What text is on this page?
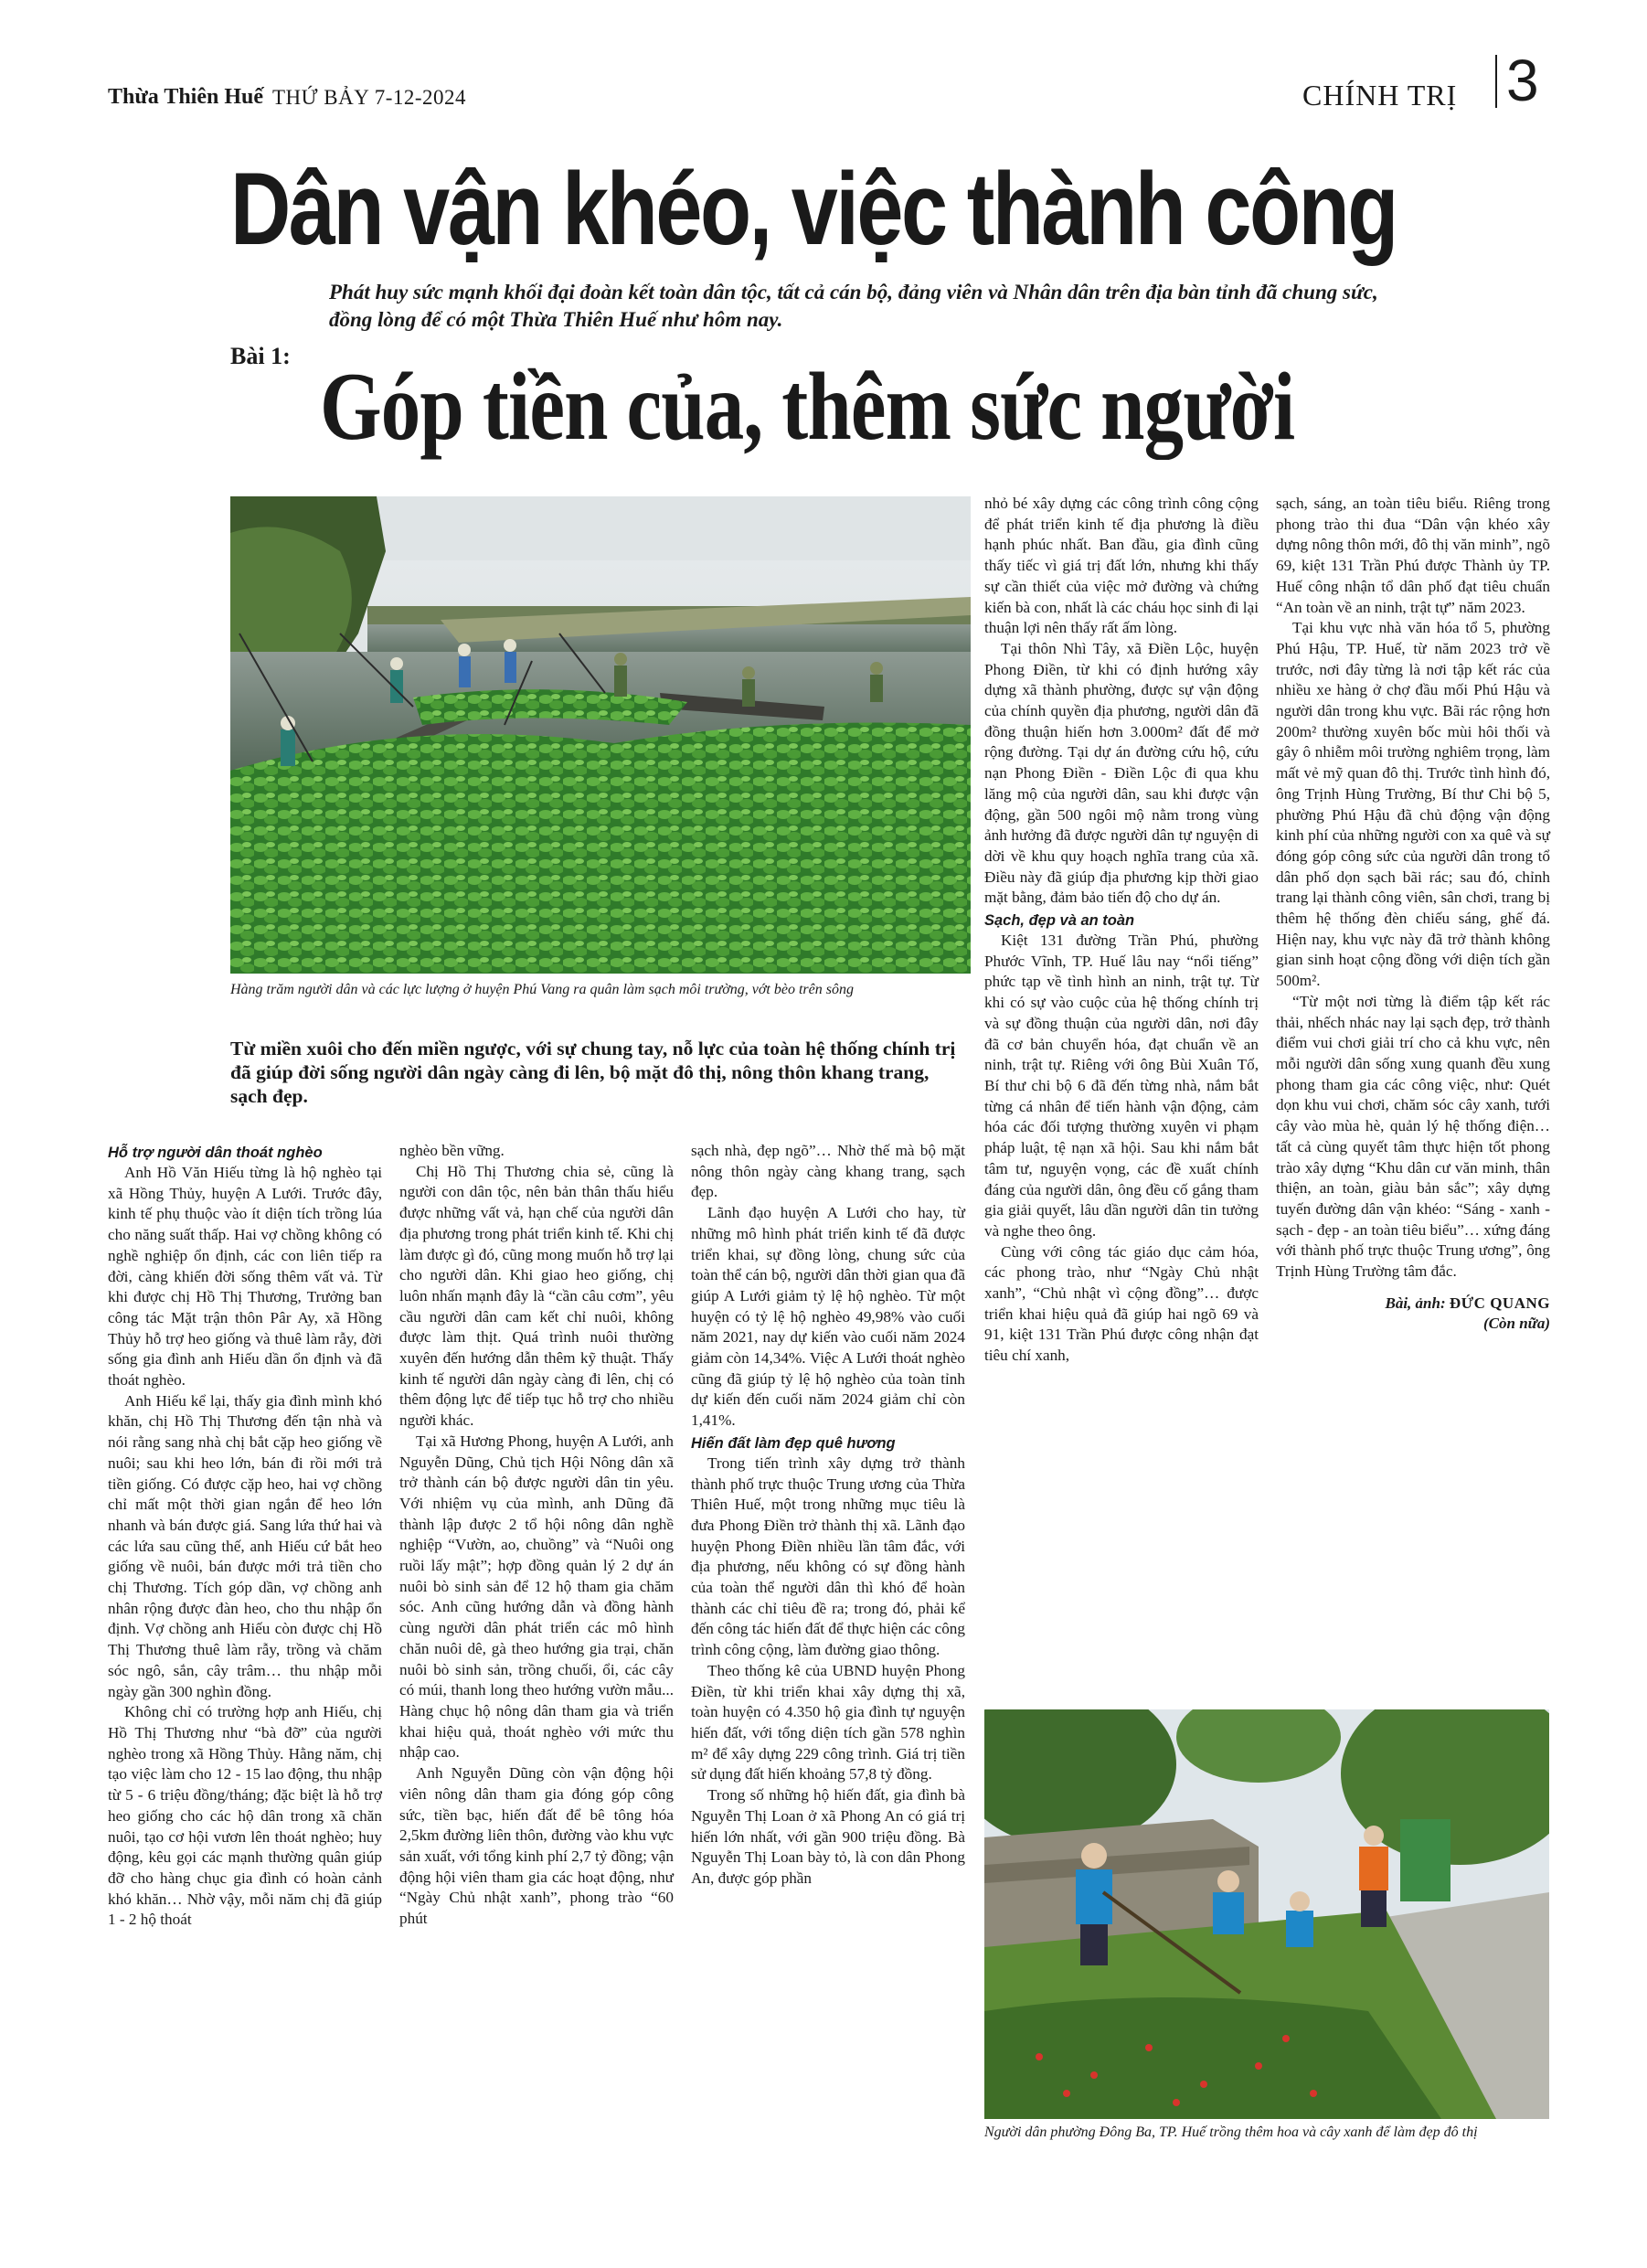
Thừa Thiên Huế THỨ BẢY 7-12-2024	CHÍNH TRỊ 3
Dân vận khéo, việc thành công
Phát huy sức mạnh khối đại đoàn kết toàn dân tộc, tất cả cán bộ, đảng viên và Nhân dân trên địa bàn tỉnh đã chung sức, đồng lòng để có một Thừa Thiên Huế như hôm nay.
Bài 1: Góp tiền của, thêm sức người
Hàng trăm người dân và các lực lượng ở huyện Phú Vang ra quân làm sạch môi trường, vớt bèo trên sông
Từ miền xuôi cho đến miền ngược, với sự chung tay, nỗ lực của toàn hệ thống chính trị đã giúp đời sống người dân ngày càng đi lên, bộ mặt đô thị, nông thôn khang trang, sạch đẹp.
Hỗ trợ người dân thoát nghèo

Anh Hồ Văn Hiếu từng là hộ nghèo tại xã Hồng Thủy, huyện A Lưới. Trước đây, kinh tế phụ thuộc vào ít diện tích trồng lúa cho năng suất thấp. Hai vợ chồng không có nghề nghiệp ổn định, các con liên tiếp ra đời, càng khiến đời sống thêm vất vả. Từ khi được chị Hồ Thị Thương, Trưởng ban công tác Mặt trận thôn Pâr Ay, xã Hồng Thủy hỗ trợ heo giống và thuê làm rẫy, đời sống gia đình anh Hiếu dần ổn định và đã thoát nghèo.

Anh Hiếu kể lại, thấy gia đình mình khó khăn, chị Hồ Thị Thương đến tận nhà và nói rằng sang nhà chị bắt cặp heo giống về nuôi; sau khi heo lớn, bán đi rồi mới trả tiền giống. Có được cặp heo, hai vợ chồng chỉ mất một thời gian ngắn để heo lớn nhanh và bán được giá. Sang lứa thứ hai và các lứa sau cũng thế, anh Hiếu cứ bắt heo giống về nuôi, bán được mới trả tiền cho chị Thương. Tích góp dần, vợ chồng anh nhân rộng được đàn heo, cho thu nhập ổn định. Vợ chồng anh Hiếu còn được chị Hồ Thị Thương thuê làm rẫy, trồng và chăm sóc ngô, sắn, cây trâm… thu nhập mỗi ngày gần 300 nghìn đồng.

Không chỉ có trường hợp anh Hiếu, chị Hồ Thị Thương như “bà đỡ” của người nghèo trong xã Hồng Thủy. Hằng năm, chị tạo việc làm cho 12 - 15 lao động, thu nhập từ 5 - 6 triệu đồng/tháng; đặc biệt là hỗ trợ heo giống cho các hộ dân trong xã chăn nuôi, tạo cơ hội vươn lên thoát nghèo; huy động, kêu gọi các mạnh thường quân giúp đỡ cho hàng chục gia đình có hoàn cảnh khó khăn… Nhờ vậy, mỗi năm chị đã giúp 1 - 2 hộ thoát

nghèo bền vững.

Chị Hồ Thị Thương chia sẻ, cũng là người con dân tộc, nên bản thân thấu hiểu được những vất vả, hạn chế của người dân địa phương trong phát triển kinh tế. Khi chị làm được gì đó, cũng mong muốn hỗ trợ lại cho người dân. Khi giao heo giống, chị luôn nhấn mạnh đây là “cần câu cơm”, yêu cầu người dân cam kết chỉ nuôi, không được làm thịt. Quá trình nuôi thường xuyên đến hướng dẫn thêm kỹ thuật. Thấy kinh tế người dân ngày càng đi lên, chị có thêm động lực để tiếp tục hỗ trợ cho nhiều người khác.

Tại xã Hương Phong, huyện A Lưới, anh Nguyễn Dũng, Chủ tịch Hội Nông dân xã trở thành cán bộ được người dân tin yêu. Với nhiệm vụ của mình, anh Dũng đã thành lập được 2 tổ hội nông dân nghề nghiệp “Vườn, ao, chuồng” và “Nuôi ong ruồi lấy mật”; hợp đồng quản lý 2 dự án nuôi bò sinh sản để 12 hộ tham gia chăm sóc. Anh cũng hướng dẫn và đồng hành cùng người dân phát triển các mô hình chăn nuôi dê, gà theo hướng gia trại, chăn nuôi bò sinh sản, trồng chuối, ổi, các cây có múi, thanh long theo hướng vườn mẫu... Hàng chục hộ nông dân tham gia và triển khai hiệu quả, thoát nghèo với mức thu nhập cao.

Anh Nguyễn Dũng còn vận động hội viên nông dân tham gia đóng góp công sức, tiền bạc, hiến đất để bê tông hóa 2,5km đường liên thôn, đường vào khu vực sản xuất, với tổng kinh phí 2,7 tỷ đồng; vận động hội viên tham gia các hoạt động, như “Ngày Chủ nhật xanh”, phong trào “60 phút

sạch nhà, đẹp ngõ”… Nhờ thế mà bộ mặt nông thôn ngày càng khang trang, sạch đẹp.

Lãnh đạo huyện A Lưới cho hay, từ những mô hình phát triển kinh tế đã được triển khai, sự đồng lòng, chung sức của toàn thể cán bộ, người dân thời gian qua đã giúp A Lưới giảm tỷ lệ hộ nghèo. Từ một huyện có tỷ lệ hộ nghèo 49,98% vào cuối năm 2021, nay dự kiến vào cuối năm 2024 giảm còn 14,34%. Việc A Lưới thoát nghèo cũng đã giúp tỷ lệ hộ nghèo của toàn tỉnh dự kiến đến cuối năm 2024 giảm chỉ còn 1,41%.

Hiến đất làm đẹp quê hương

Trong tiến trình xây dựng trở thành thành phố trực thuộc Trung ương của Thừa Thiên Huế, một trong những mục tiêu là đưa Phong Điền trở thành thị xã. Lãnh đạo huyện Phong Điền nhiều lần tâm đắc, với địa phương, nếu không có sự đồng hành của toàn thể người dân thì khó để hoàn thành các chỉ tiêu đề ra; trong đó, phải kể đến công tác hiến đất để thực hiện các công trình công cộng, làm đường giao thông.

Theo thống kê của UBND huyện Phong Điền, từ khi triển khai xây dựng thị xã, toàn huyện có 4.350 hộ gia đình tự nguyện hiến đất, với tổng diện tích gần 578 nghìn m² để xây dựng 229 công trình. Giá trị tiền sử dụng đất hiến khoảng 57,8 tỷ đồng.

Trong số những hộ hiến đất, gia đình bà Nguyễn Thị Loan ở xã Phong An có giá trị hiến lớn nhất, với gần 900 triệu đồng. Bà Nguyễn Thị Loan bày tỏ, là con dân Phong An, được góp phần

nhỏ bé xây dựng các công trình công cộng để phát triển kinh tế địa phương là điều hạnh phúc nhất. Ban đầu, gia đình cũng thấy tiếc vì giá trị đất lớn, nhưng khi thấy sự cần thiết của việc mở đường và chứng kiến bà con, nhất là các cháu học sinh đi lại thuận lợi nên thấy rất ấm lòng.

Tại thôn Nhì Tây, xã Điền Lộc, huyện Phong Điền, từ khi có định hướng xây dựng xã thành phường, được sự vận động của chính quyền địa phương, người dân đã đồng thuận hiến hơn 3.000m² đất để mở rộng đường. Tại dự án đường cứu hộ, cứu nạn Phong Điền - Điền Lộc đi qua khu lăng mộ của người dân, sau khi được vận động, gần 500 ngôi mộ nằm trong vùng ảnh hưởng đã được người dân tự nguyện di dời về khu quy hoạch nghĩa trang của xã. Điều này đã giúp địa phương kịp thời giao mặt bằng, đảm bảo tiến độ cho dự án.

Sạch, đẹp và an toàn

Kiệt 131 đường Trần Phú, phường Phước Vĩnh, TP. Huế lâu nay “nổi tiếng” phức tạp về tình hình an ninh, trật tự. Từ khi có sự vào cuộc của hệ thống chính trị và sự đồng thuận của người dân, nơi đây đã cơ bản chuyển hóa, đạt chuẩn về an ninh, trật tự. Riêng với ông Bùi Xuân Tố, Bí thư chi bộ 6 đã đến từng nhà, nắm bắt từng cá nhân để tiến hành vận động, cảm hóa các đối tượng thường xuyên vi phạm pháp luật, tệ nạn xã hội. Sau khi nắm bắt tâm tư, nguyện vọng, các đề xuất chính đáng của người dân, ông đều cố gắng tham gia giải quyết, lâu dần người dân tin tưởng và nghe theo ông.

Cùng với công tác giáo dục cảm hóa, các phong trào, như “Ngày Chủ nhật xanh”, “Chủ nhật vì cộng đồng”… được triển khai hiệu quả đã giúp hai ngõ 69 và 91, kiệt 131 Trần Phú được công nhận đạt tiêu chí xanh,

sạch, sáng, an toàn tiêu biểu. Riêng trong phong trào thi đua “Dân vận khéo xây dựng nông thôn mới, đô thị văn minh”, ngõ 69, kiệt 131 Trần Phú được Thành ủy TP. Huế công nhận tổ dân phố đạt tiêu chuẩn “An toàn về an ninh, trật tự” năm 2023.

Tại khu vực nhà văn hóa tổ 5, phường Phú Hậu, TP. Huế, từ năm 2023 trở về trước, nơi đây từng là nơi tập kết rác của nhiều xe hàng ở chợ đầu mối Phú Hậu và người dân trong khu vực. Bãi rác rộng hơn 200m² thường xuyên bốc mùi hôi thối và gây ô nhiễm môi trường nghiêm trọng, làm mất vẻ mỹ quan đô thị. Trước tình hình đó, ông Trịnh Hùng Trường, Bí thư Chi bộ 5, phường Phú Hậu đã chủ động vận động kinh phí của những người con xa quê và sự đóng góp công sức của người dân trong tổ dân phố dọn sạch bãi rác; sau đó, chỉnh trang lại thành công viên, sân chơi, trang bị thêm hệ thống đèn chiếu sáng, ghế đá. Hiện nay, khu vực này đã trở thành không gian sinh hoạt cộng đồng với diện tích gần 500m².

“Từ một nơi từng là điểm tập kết rác thải, nhếch nhác nay lại sạch đẹp, trở thành điểm vui chơi giải trí cho cả khu vực, nên mỗi người dân sống xung quanh đều xung phong tham gia các công việc, như: Quét dọn khu vui chơi, chăm sóc cây xanh, tưới cây vào mùa hè, quản lý hệ thống điện… tất cả cùng quyết tâm thực hiện tốt phong trào xây dựng “Khu dân cư văn minh, thân thiện, an toàn, giàu bản sắc”; xây dựng tuyến đường dân vận khéo: “Sáng - xanh - sạch - đẹp - an toàn tiêu biểu”… xứng đáng với thành phố trực thuộc Trung ương”, ông Trịnh Hùng Trường tâm đắc.

Bài, ảnh: ĐỨC QUANG
(Còn nữa)
Người dân phường Đông Ba, TP. Huế trồng thêm hoa và cây xanh để làm đẹp đô thị
